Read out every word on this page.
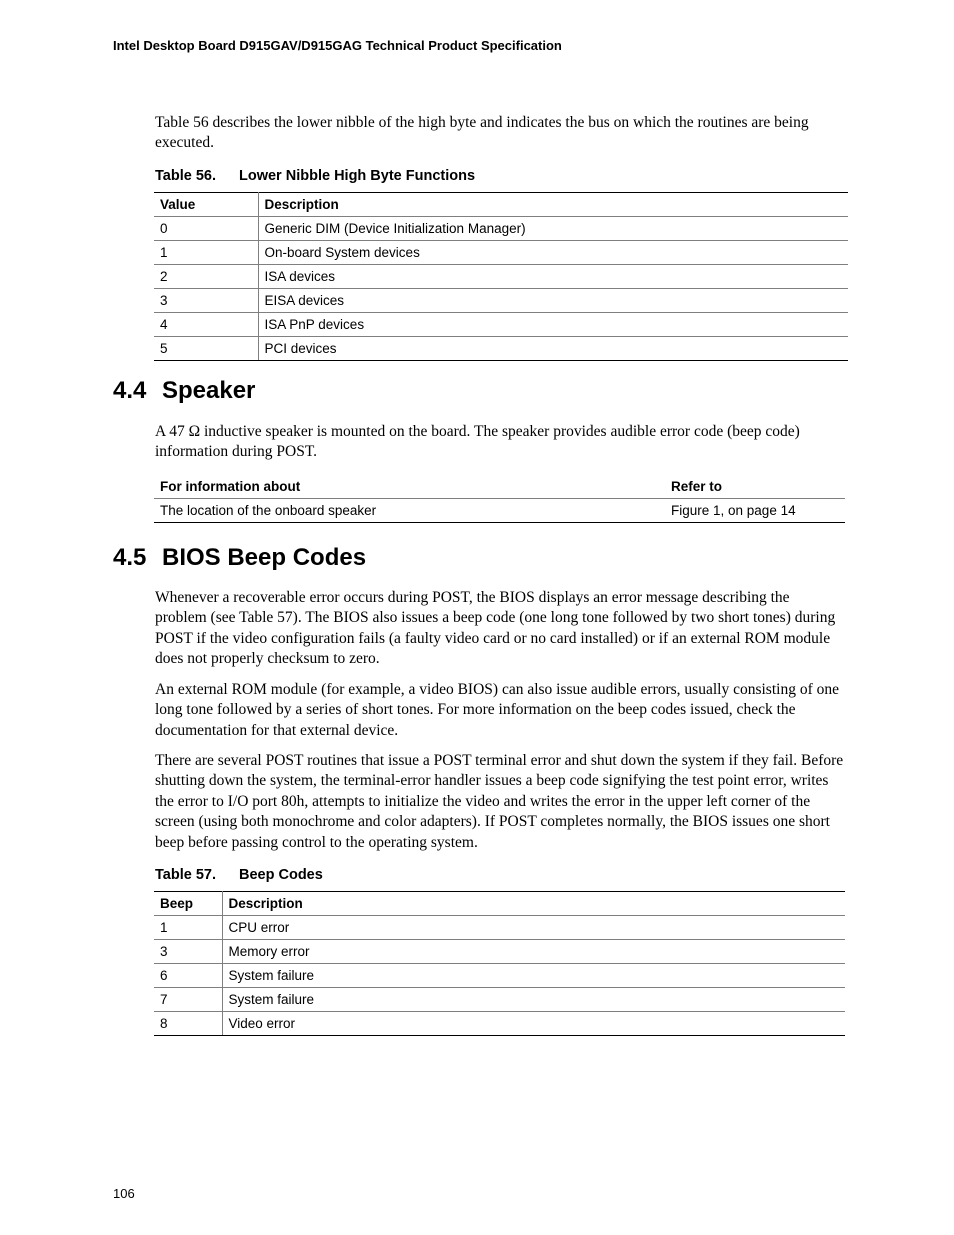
Intel Desktop Board D915GAV/D915GAG Technical Product Specification

Table 56 describes the lower nibble of the high byte and indicates the bus on which the routines are being executed.

Table 56. Lower Nibble High Byte Functions
Value	Description
0	Generic DIM (Device Initialization Manager)
1	On-board System devices
2	ISA devices
3	EISA devices
4	ISA PnP devices
5	PCI devices
4.4 Speaker

A 47 Ω inductive speaker is mounted on the board. The speaker provides audible error code (beep code) information during POST.

For information about	Refer to
The location of the onboard speaker	Figure 1, on page 14
4.5 BIOS Beep Codes

Whenever a recoverable error occurs during POST, the BIOS displays an error message describing the problem (see Table 57). The BIOS also issues a beep code (one long tone followed by two short tones) during POST if the video configuration fails (a faulty video card or no card installed) or if an external ROM module does not properly checksum to zero.

An external ROM module (for example, a video BIOS) can also issue audible errors, usually consisting of one long tone followed by a series of short tones. For more information on the beep codes issued, check the documentation for that external device.

There are several POST routines that issue a POST terminal error and shut down the system if they fail. Before shutting down the system, the terminal-error handler issues a beep code signifying the test point error, writes the error to I/O port 80h, attempts to initialize the video and writes the error in the upper left corner of the screen (using both monochrome and color adapters). If POST completes normally, the BIOS issues one short beep before passing control to the operating system.

Table 57. Beep Codes
Beep	Description
1	CPU error
3	Memory error
6	System failure
7	System failure
8	Video error
106
